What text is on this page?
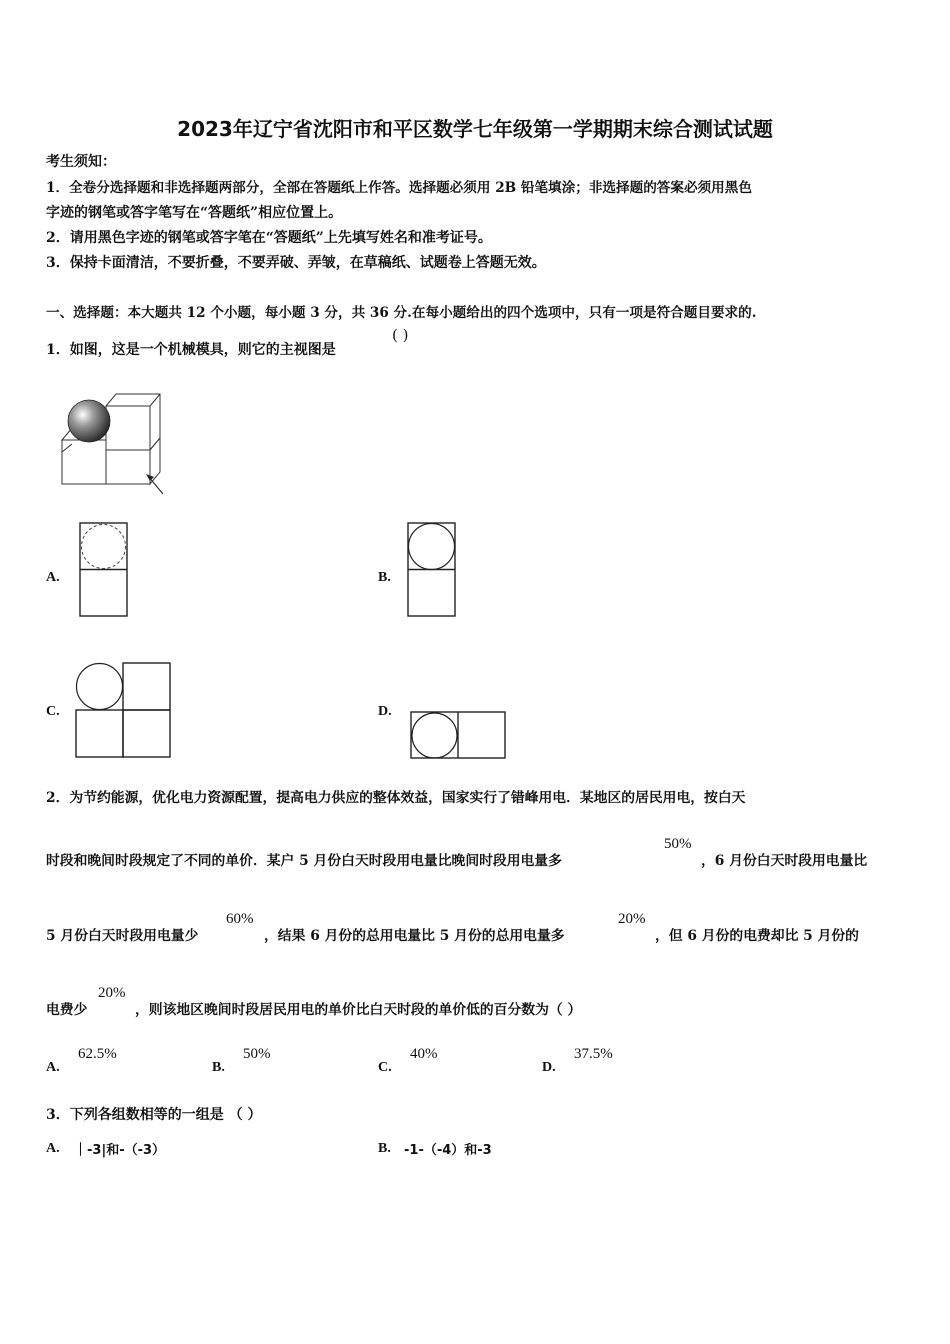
2023年辽宁省沈阳市和平区数学七年级第一学期期末综合测试试题
考生须知：
1．全卷分选择题和非选择题两部分，全部在答题纸上作答。选择题必须用 2B 铅笔填涂；非选择题的答案必须用黑色
字迹的钢笔或答字笔写在“答题纸”相应位置上。
2．请用黑色字迹的钢笔或答字笔在“答题纸”上先填写姓名和准考证号。
3．保持卡面清洁，不要折叠，不要弄破、弄皱，在草稿纸、试题卷上答题无效。
一、选择题：本大题共 12 个小题，每小题 3 分，共 36 分.在每小题给出的四个选项中，只有一项是符合题目要求的.
1．如图，这是一个机械模具，则它的主视图是
( )
A.	B.
C.	D.
2．为节约能源，优化电力资源配置，提高电力供应的整体效益，国家实行了错峰用电．某地区的居民用电，按白天
时段和晚间时段规定了不同的单价．某户 5 月份白天时段用电量比晚间时段用电量多
50%
，6 月份白天时段用电量比
5 月份白天时段用电量少
60%
，结果 6 月份的总用电量比 5 月份的总用电量多
20%
，但 6 月份的电费却比 5 月份的
电费少
20%
，则该地区晚间时段居民用电的单价比白天时段的单价低的百分数为（ ）
A.
62.5%
B.
50%
C.
40%
D.
37.5%
3．下列各组数相等的一组是 （ ）
A. ｜-3|和-（-3）	B. -1-（-4）和-3
